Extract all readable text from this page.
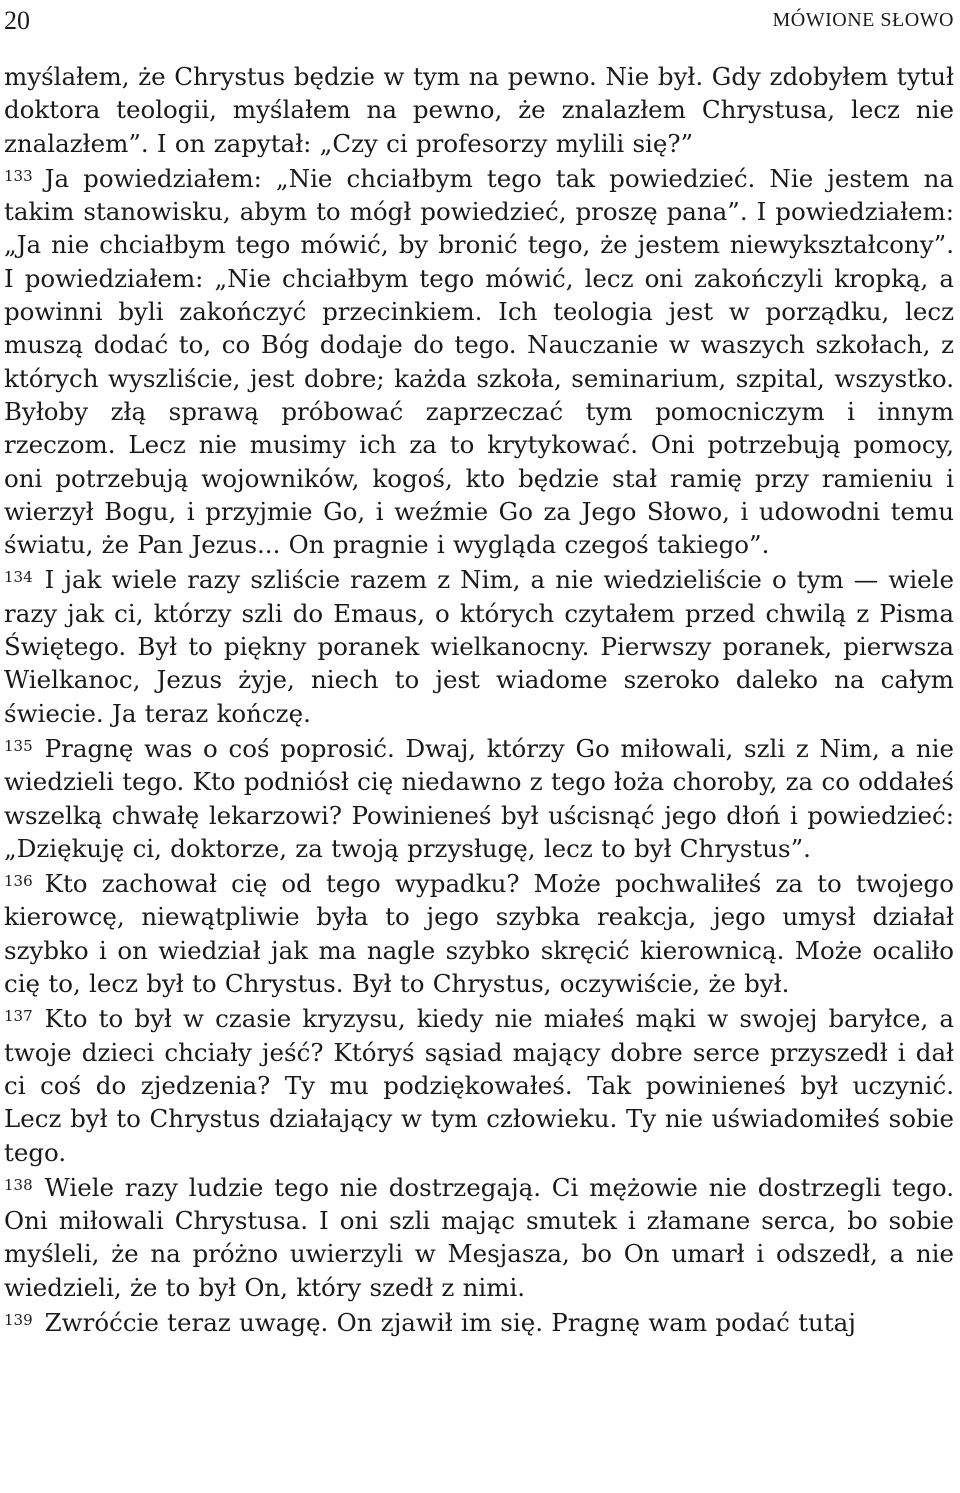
20	MÓWIONE SŁOWO

myślałem, że Chrystus będzie w tym na pewno. Nie był. Gdy zdobyłem tytuł doktora teologii, myślałem na pewno, że znalazłem Chrystusa, lecz nie znalazłem”. I on zapytał: „Czy ci profesorzy mylili się?”

$^{133}$ Ja powiedziałem: „Nie chciałbym tego tak powiedzieć. Nie jestem na takim stanowisku, abym to mógł powiedzieć, proszę pana”. I powiedziałem: „Ja nie chciałbym tego mówić, by bronić tego, że jestem niewykształcony”. I powiedziałem: „Nie chciałbym tego mówić, lecz oni zakończyli kropką, a powinni byli zakończyć przecinkiem. Ich teologia jest w porządku, lecz muszą dodać to, co Bóg dodaje do tego. Nauczanie w waszych szkołach, z których wyszliście, jest dobre; każda szkoła, seminarium, szpital, wszystko. Byłoby złą sprawą próbować zaprzeczać tym pomocniczym i innym rzeczom. Lecz nie musimy ich za to krytykować. Oni potrzebują pomocy, oni potrzebują wojowników, kogoś, kto będzie stał ramię przy ramieniu i wierzył Bogu, i przyjmie Go, i weźmie Go za Jego Słowo, i udowodni temu światu, że Pan Jezus... On pragnie i wygląda czegoś takiego”.

$^{134}$ I jak wiele razy szliście razem z Nim, a nie wiedzieliście o tym — wiele razy jak ci, którzy szli do Emaus, o których czytałem przed chwilą z Pisma Świętego. Był to piękny poranek wielkanocny. Pierwszy poranek, pierwsza Wielkanoc, Jezus żyje, niech to jest wiadome szeroko daleko na całym świecie. Ja teraz kończę.

$^{135}$ Pragnę was o coś poprosić. Dwaj, którzy Go miłowali, szli z Nim, a nie wiedzieli tego. Kto podniósł cię niedawno z tego łoża choroby, za co oddałeś wszelką chwałę lekarzowi? Powinieneś był uścisnąć jego dłoń i powiedzieć: „Dziękuję ci, doktorze, za twoją przysługę, lecz to był Chrystus”.

$^{136}$ Kto zachował cię od tego wypadku? Może pochwaliłeś za to twojego kierowcę, niewątpliwie była to jego szybka reakcja, jego umysł działał szybko i on wiedział jak ma nagle szybko skręcić kierownicą. Może ocaliło cię to, lecz był to Chrystus. Był to Chrystus, oczywiście, że był.

$^{137}$ Kto to był w czasie kryzysu, kiedy nie miałeś mąki w swojej baryłce, a twoje dzieci chciały jeść? Któryś sąsiad mający dobre serce przyszedł i dał ci coś do zjedzenia? Ty mu podziękowałeś. Tak powinieneś był uczynić. Lecz był to Chrystus działający w tym człowieku. Ty nie uświadomiłeś sobie tego.

$^{138}$ Wiele razy ludzie tego nie dostrzegają. Ci mężowie nie dostrzegli tego. Oni miłowali Chrystusa. I oni szli mając smutek i złamane serca, bo sobie myśleli, że na próżno uwierzyli w Mesjasza, bo On umarł i odszedł, a nie wiedzieli, że to był On, który szedł z nimi.

$^{139}$ Zwróćcie teraz uwagę. On zjawił im się. Pragnę wam podać tutaj
